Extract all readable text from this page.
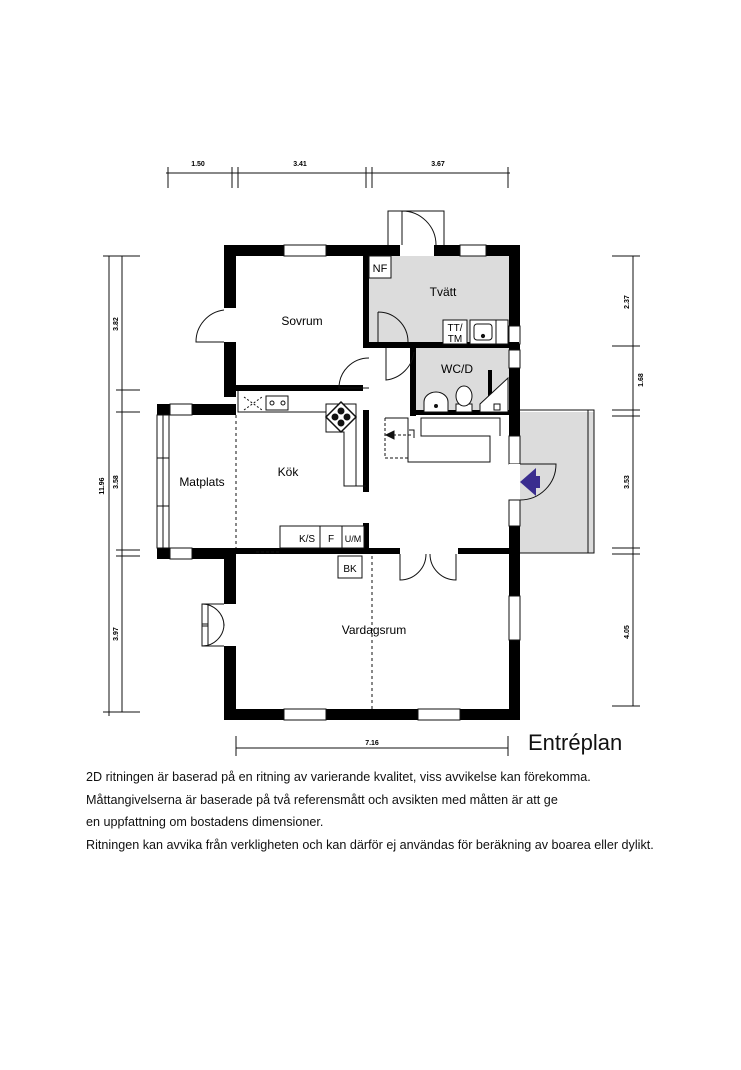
1.50	3.41	3.67
11.96
3.82
3.58
3.97
2.37
1.68
3.53
4.05
7.16
Sovrum
Tvätt
WC/D
Kök
Matplats
Vardagsrum
NF
TT/
TM
K/S F U/M
BK
Entréplan
2D ritningen är baserad på en ritning av varierande kvalitet, viss avvikelse kan förekomma.
Måttangivelserna är baserade på två referensmått och avsikten med måtten är att ge
en uppfattning om bostadens dimensioner.
Ritningen kan avvika från verkligheten och kan därför ej användas för beräkning av boarea eller dylikt.
